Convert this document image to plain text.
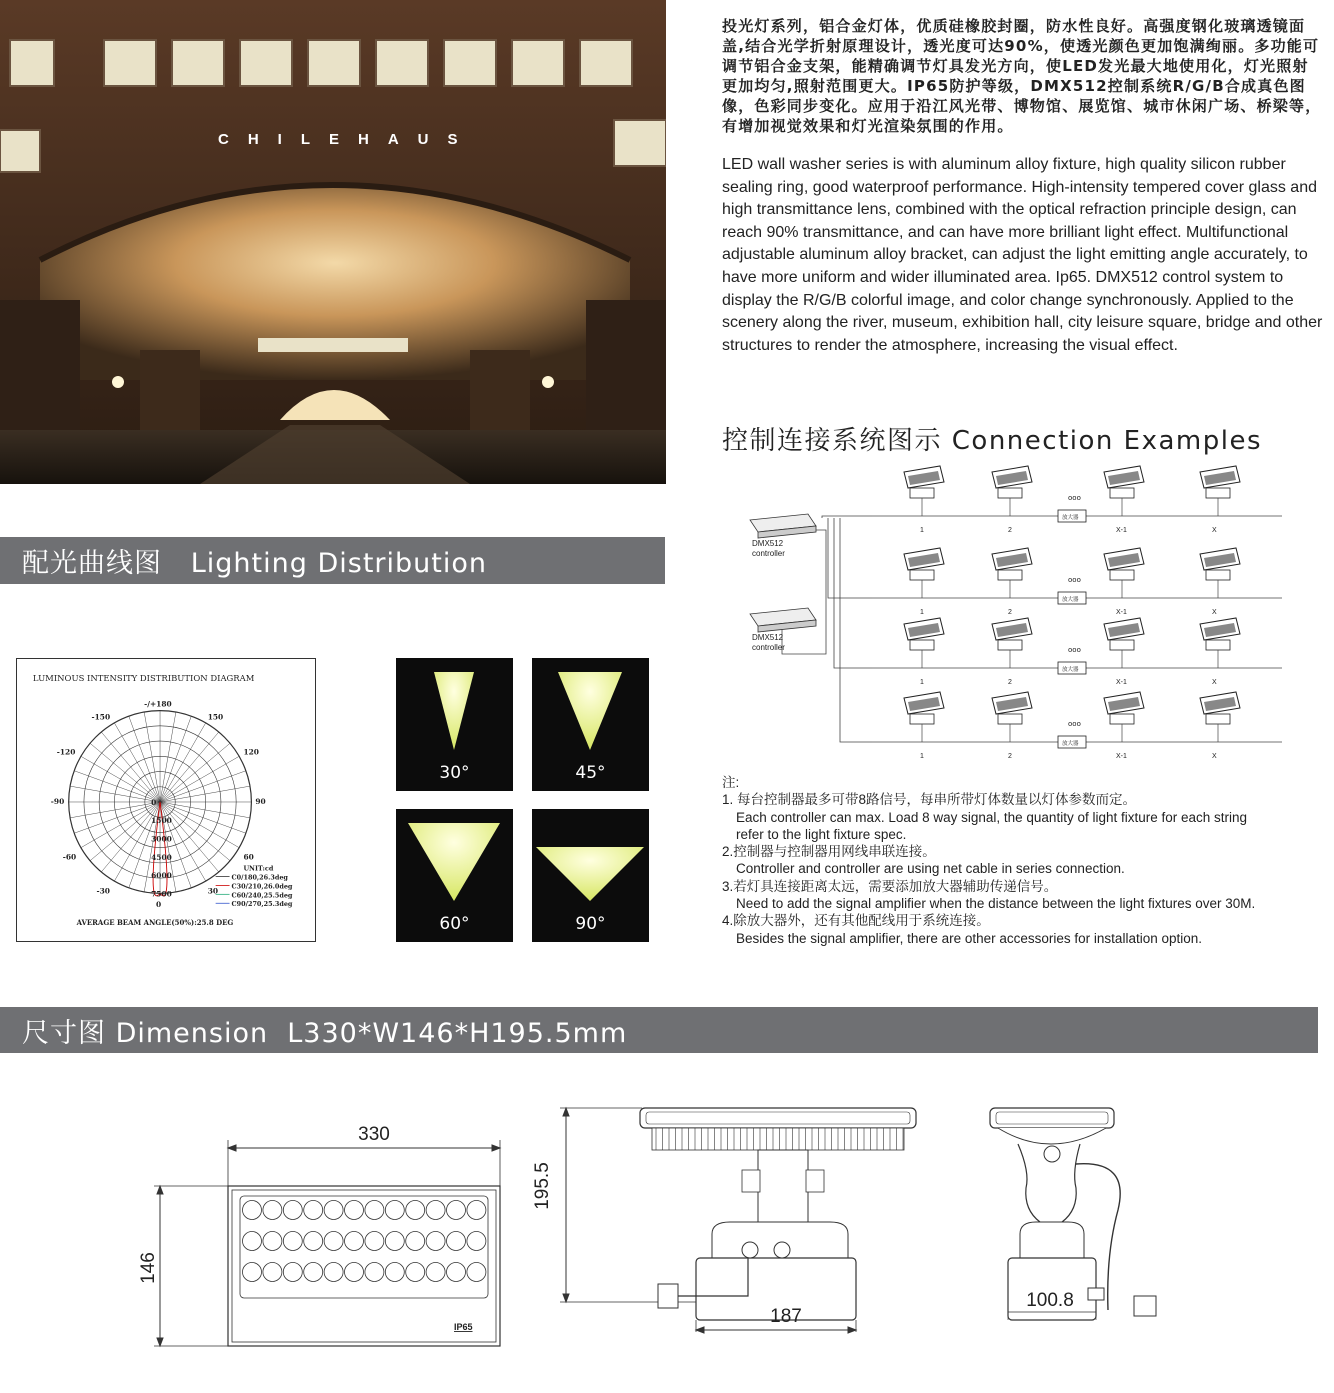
CHILEHAUS
投光灯系列，铝合金灯体，优质硅橡胶封圈，防水性良好。高强度钢化玻璃透镜面盖,结合光学折射原理设计，透光度可达90%，使透光颜色更加饱满绚丽。多功能可调节铝合金支架，能精确调节灯具发光方向，使LED发光最大地使用化，灯光照射更加均匀,照射范围更大。IP65防护等级，DMX512控制系统R/G/B合成真色图像，色彩同步变化。应用于沿江风光带、博物馆、展览馆、城市休闲广场、桥梁等，有增加视觉效果和灯光渲染氛围的作用。
LED wall washer series is with aluminum alloy fixture, high quality silicon rubber sealing ring, good waterproof performance. High-intensity tempered cover glass and high transmittance lens, combined with the optical refraction principle design, can reach 90% transmittance, and can have more brilliant light effect. Multifunctional adjustable aluminum alloy bracket, can adjust the light emitting angle accurately, to have more uniform and wider illuminated area. Ip65. DMX512 control system to display the R/G/B colorful image, and color change synchronously. Applied to the scenery along the river, museum, exhibition hall, city leisure square, bridge and other structures to render the atmosphere, increasing the visual effect.
控制连接系统图示 Connection Examples
配光曲线图   Lighting Distribution
尺寸图 Dimension  L330*W146*H195.5mm
LUMINOUS INTENSITY DISTRIBUTION DIAGRAM
-/+180
-150	150
-120	120
-90	90
-60	60
-30	30
0
0
1500
3000
4500
6000
7500
UNIT:cd
C0/180,26.3deg
C30/210,26.0deg
C60/240,25.5deg
C90/270,25.3deg
AVERAGE BEAM ANGLE(50%):25.8 DEG
30°	45°
60°	90°
1	2	X-1	X
放大器
ooo
1	2	X-1	X
放大器
ooo
1	2	X-1	X
放大器
ooo
1	2	X-1	X
放大器
ooo
DMX512
controller
DMX512
controller
注:
1. 每台控制器最多可带8路信号，每串所带灯体数量以灯体参数而定。
Each controller can max. Load 8 way signal, the quantity of light fixture for each string
refer to the light fixture spec.
2.控制器与控制器用网线串联连接。
Controller and controller are using net cable in series connection.
3.若灯具连接距离太远，需要添加放大器辅助传递信号。
Need to add the signal amplifier when the distance between the light fixtures over 30M.
4.除放大器外，还有其他配线用于系统连接。
Besides the signal amplifier, there are other accessories for installation option.
330
146
IP65
195.5
187
100.8
